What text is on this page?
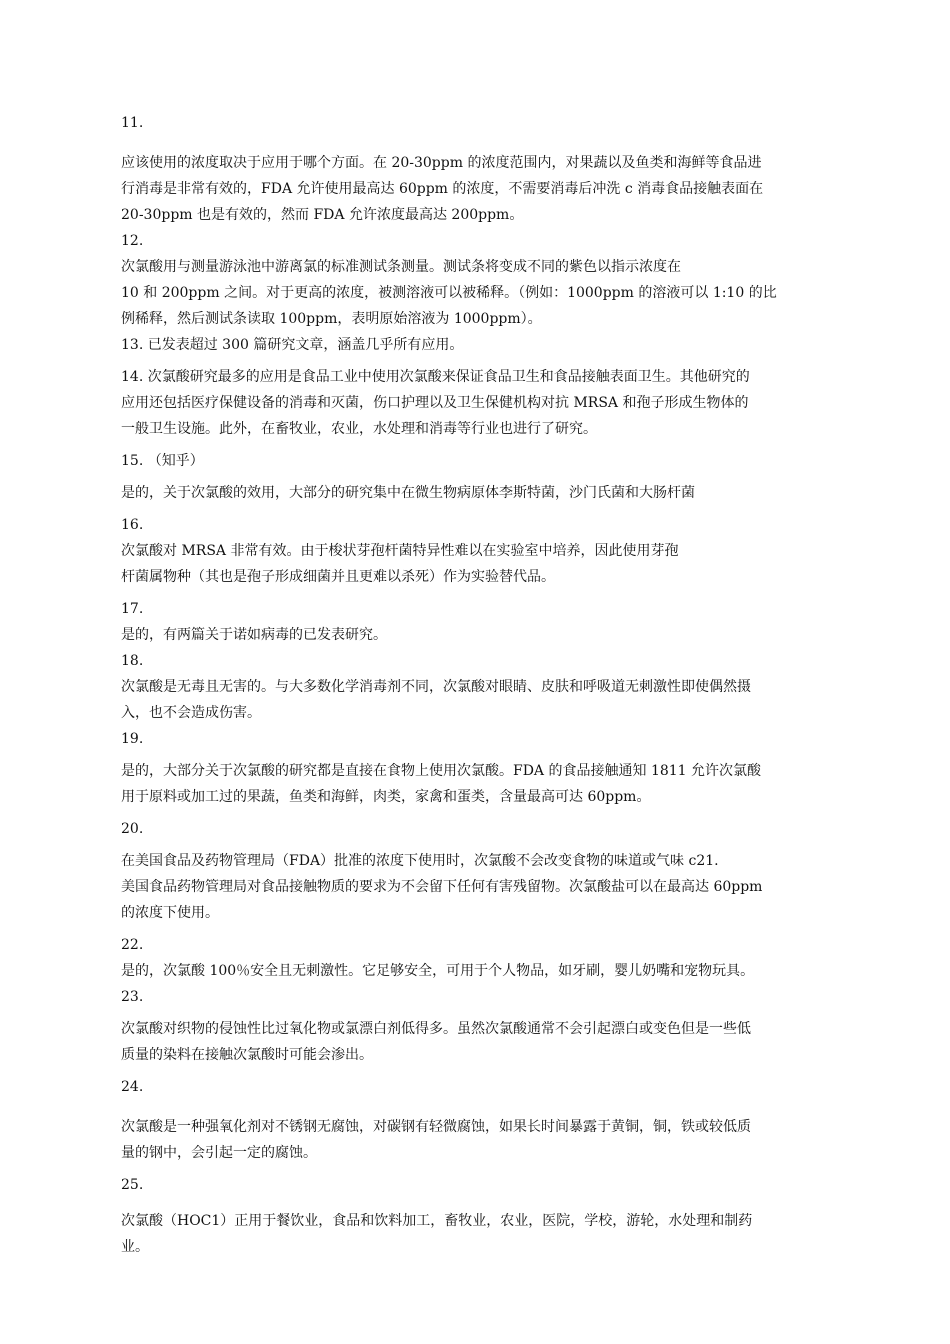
11.
应该使用的浓度取决于应用于哪个方面。在 20-30ppm 的浓度范围内，对果蔬以及鱼类和海鲜等食品进
行消毒是非常有效的，FDA 允许使用最高达 60ppm 的浓度，不需要消毒后冲洗 c 消毒食品接触表面在
20-30ppm 也是有效的，然而 FDA 允许浓度最高达 200ppm。
12.
次氯酸用与测量游泳池中游离氯的标准测试条测量。测试条将变成不同的紫色以指示浓度在
10 和 200ppm 之间。对于更高的浓度，被测溶液可以被稀释。（例如：1000ppm 的溶液可以 1:10 的比
例稀释，然后测试条读取 100ppm，表明原始溶液为 1000ppm）。
13. 已发表超过 300 篇研究文章，涵盖几乎所有应用。
14. 次氯酸研究最多的应用是食品工业中使用次氯酸来保证食品卫生和食品接触表面卫生。其他研究的
应用还包括医疗保健设备的消毒和灭菌，伤口护理以及卫生保健机构对抗 MRSA 和孢子形成生物体的
一般卫生设施。此外，在畜牧业，农业，水处理和消毒等行业也进行了研究。
15. （知乎）
是的，关于次氯酸的效用，大部分的研究集中在微生物病原体李斯特菌，沙门氏菌和大肠杆菌
16.
次氯酸对 MRSA 非常有效。由于梭状芽孢杆菌特异性难以在实验室中培养，因此使用芽孢
杆菌属物种（其也是孢子形成细菌并且更难以杀死）作为实验替代品。
17.
是的，有两篇关于诺如病毒的已发表研究。
18.
次氯酸是无毒且无害的。与大多数化学消毒剂不同，次氯酸对眼睛、皮肤和呼吸道无刺激性即使偶然摄
入，也不会造成伤害。
19.
是的，大部分关于次氯酸的研究都是直接在食物上使用次氯酸。FDA 的食品接触通知 1811 允许次氯酸
用于原料或加工过的果蔬，鱼类和海鲜，肉类，家禽和蛋类，含量最高可达 60ppm。
20.
在美国食品及药物管理局（FDA）批准的浓度下使用时，次氯酸不会改变食物的味道或气味 c21.
美国食品药物管理局对食品接触物质的要求为不会留下任何有害残留物。次氯酸盐可以在最高达 60ppm
的浓度下使用。
22.
是的，次氯酸 100％安全且无刺激性。它足够安全，可用于个人物品，如牙刷，婴儿奶嘴和宠物玩具。
23.
次氯酸对织物的侵蚀性比过氧化物或氯漂白剂低得多。虽然次氯酸通常不会引起漂白或变色但是一些低
质量的染料在接触次氯酸时可能会渗出。
24.
次氯酸是一种强氧化剂对不锈钢无腐蚀，对碳钢有轻微腐蚀，如果长时间暴露于黄铜，铜，铁或较低质
量的钢中，会引起一定的腐蚀。
25.
次氯酸（HOC1）正用于餐饮业，食品和饮料加工，畜牧业，农业，医院，学校，游轮，水处理和制药
业。
